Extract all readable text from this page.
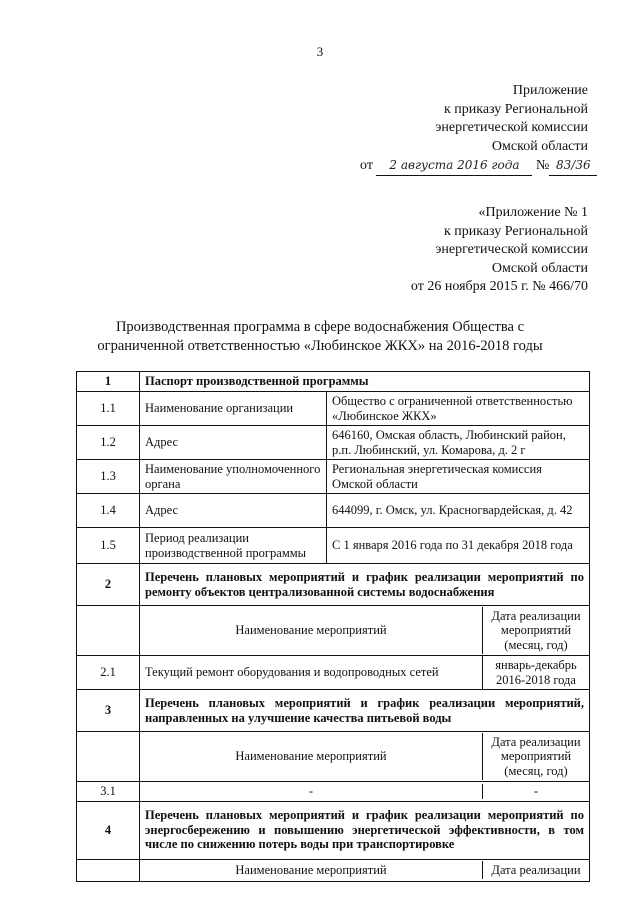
3
Приложение
к приказу Региональной
энергетической комиссии
Омской области
от 2 августа 2016 года № 83/36
«Приложение № 1
к приказу Региональной
энергетической комиссии
Омской области
от 26 ноября 2015 г. № 466/70
Производственная программа в сфере водоснабжения Общества с
ограниченной ответственностью «Любинское ЖКХ» на 2016-2018 годы
1	Паспорт производственной программы
1.1	Наименование организации	Общество с ограниченной ответственностью «Любинское ЖКХ»
1.2	Адрес	646160, Омская область, Любинский район, р.п. Любинский, ул. Комарова, д. 2 г
1.3	Наименование уполномоченного органа	Региональная энергетическая комиссия Омской области
1.4	Адрес	644099, г. Омск, ул. Красногвардейская, д. 42
1.5	Период реализации производственной программы	С 1 января 2016 года по 31 декабря 2018 года
2	Перечень плановых мероприятий и график реализации мероприятий по ремонту объектов централизованной системы водоснабжения

Наименование мероприятий	Дата реализации мероприятий (месяц, год)

2.1	Текущий ремонт оборудования и водопроводных сетей	январь-декабрь 2016-2018 года

3	Перечень плановых мероприятий и график реализации мероприятий, направленных на улучшение качества питьевой воды

Наименование мероприятий	Дата реализации мероприятий (месяц, год)

3.1		-	-

4	Перечень плановых мероприятий и график реализации мероприятий по энергосбережению и повышению энергетической эффективности, в том числе по снижению потерь воды при транспортировке

Наименование мероприятий	Дата реализации
